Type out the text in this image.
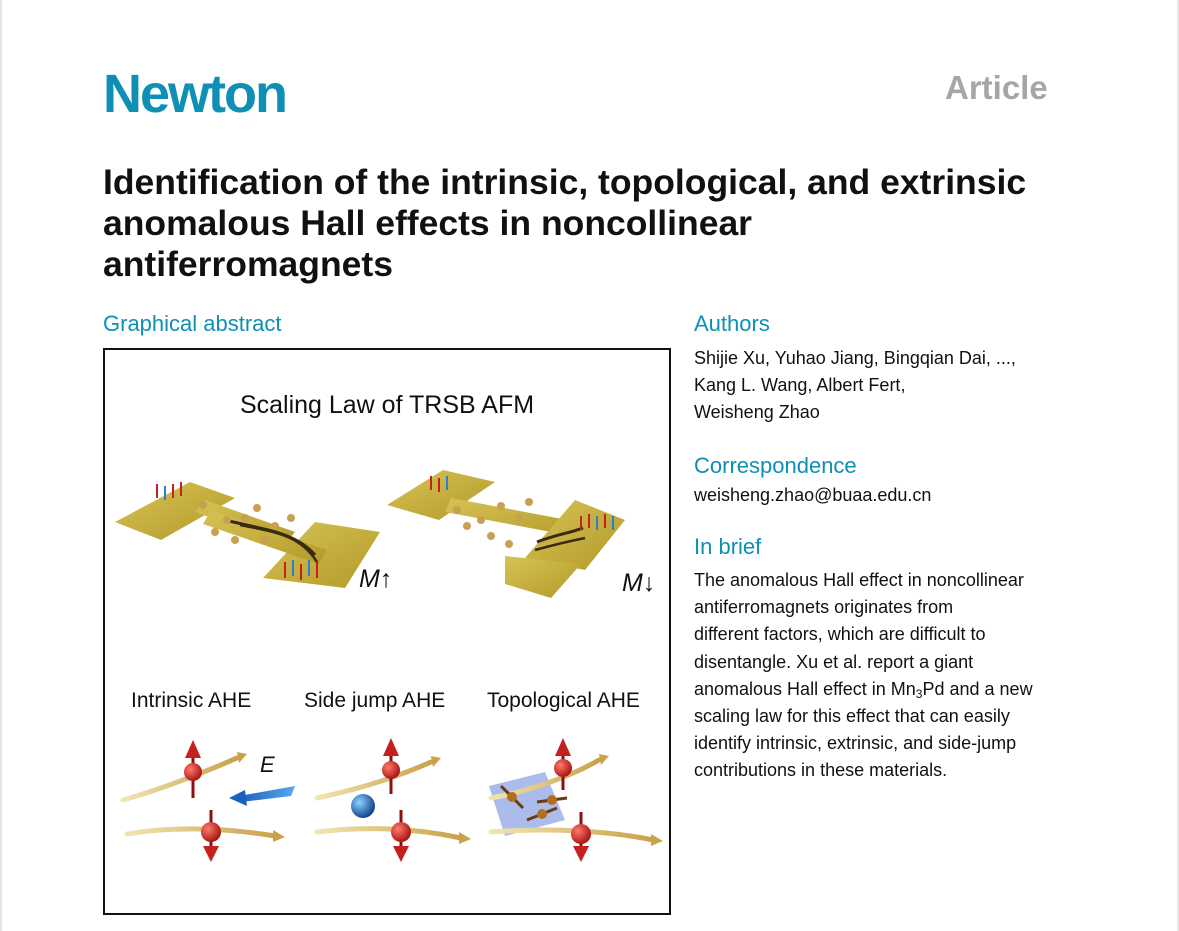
Newton	Article
Identification of the intrinsic, topological, and extrinsic anomalous Hall effects in noncollinear antiferromagnets
Graphical abstract
Scaling Law of TRSB AFM
M↑	M↓
E
Intrinsic AHE	Side jump AHE Topological AHE
Authors
Shijie Xu, Yuhao Jiang, Bingqian Dai, ...,
Kang L. Wang, Albert Fert,
Weisheng Zhao
Correspondence
weisheng.zhao@buaa.edu.cn
In brief
The anomalous Hall effect in noncollinear
antiferromagnets originates from
different factors, which are difficult to
disentangle. Xu et al. report a giant
anomalous Hall effect in $Mn_3Pd$ and a new
scaling law for this effect that can easily
identify intrinsic, extrinsic, and side-jump
contributions in these materials.
